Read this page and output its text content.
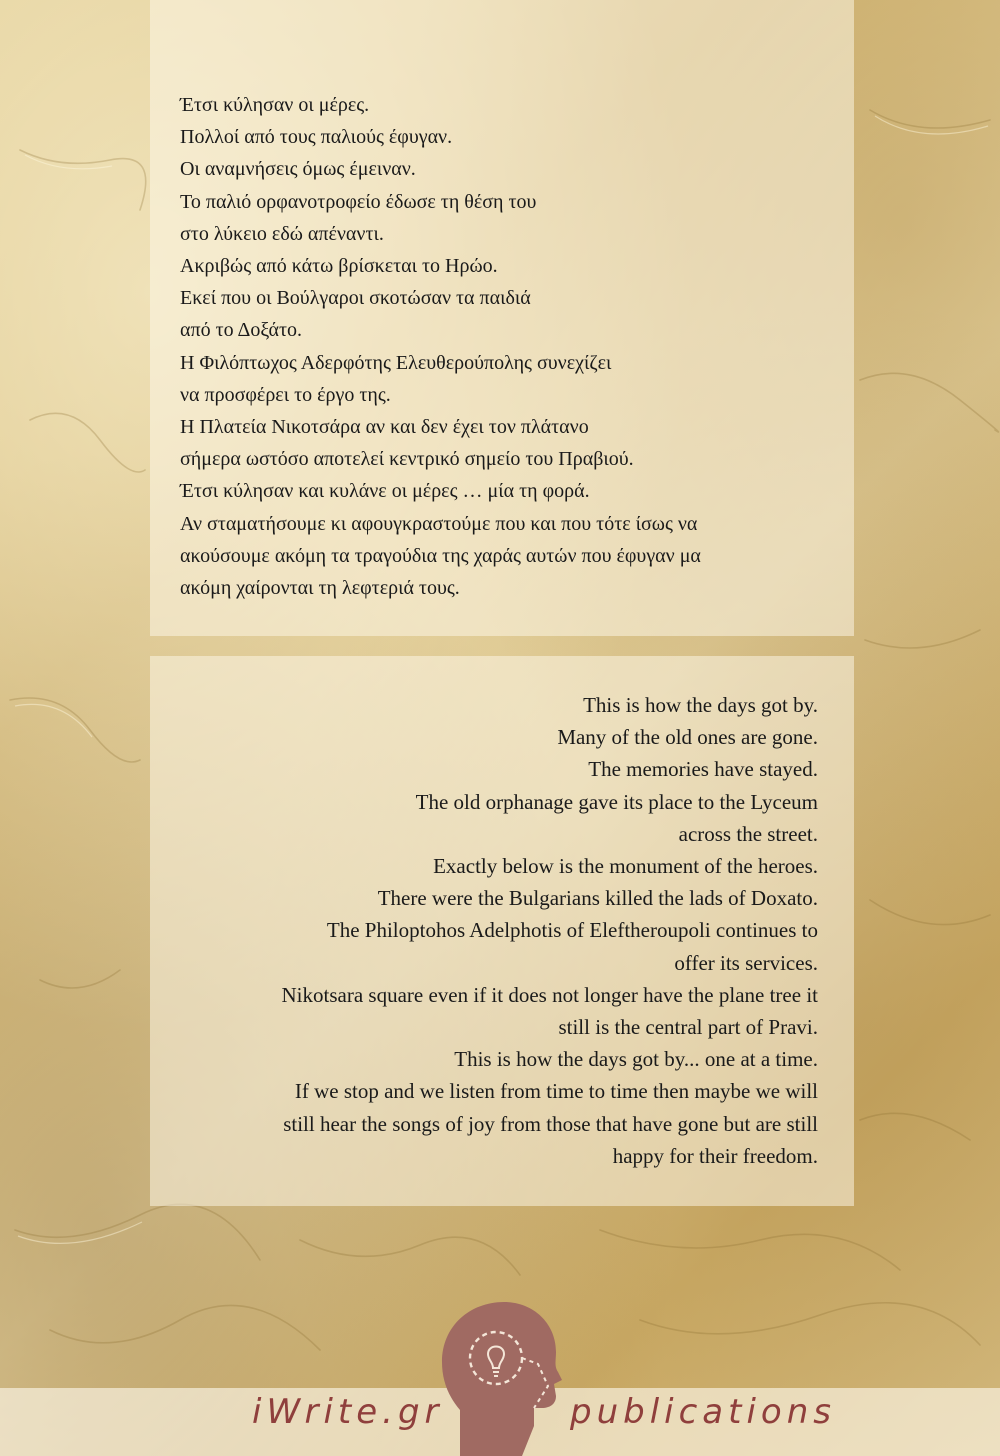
Έτσι κύλησαν οι μέρες.
Πολλοί από τους παλιούς έφυγαν.
Οι αναμνήσεις όμως έμειναν.
Το παλιό ορφανοτροφείο έδωσε τη θέση του
στο λύκειο εδώ απέναντι.
Ακριβώς από κάτω βρίσκεται το Ηρώο.
Εκεί που οι Βούλγαροι σκοτώσαν τα παιδιά
από το Δοξάτο.
Η Φιλόπτωχος Αδερφότης Ελευθερούπολης συνεχίζει
να προσφέρει το έργο της.
Η Πλατεία Νικοτσάρα αν και δεν έχει τον πλάτανο
σήμερα ωστόσο αποτελεί κεντρικό σημείο του Πραβιού.
Έτσι κύλησαν και κυλάνε οι μέρες … μία τη φορά.
Αν σταματήσουμε κι αφουγκραστούμε που και που τότε ίσως να
ακούσουμε ακόμη τα τραγούδια της χαράς αυτών που έφυγαν μα
ακόμη χαίρονται τη λεφτεριά τους.
This is how the days got by.
Many of the old ones are gone.
The memories have stayed.
The old orphanage gave its place to the Lyceum
across the street.
Exactly below is the monument of the heroes.
There were the Bulgarians killed the lads of Doxato.
The Philoptohos Adelphotis of Eleftheroupoli continues to
offer its services.
Nikotsara square even if it does not longer have the plane tree it
still is the central part of Pravi.
This is how the days got by... one at a time.
If we stop and we listen from time to time then maybe we will
still hear the songs of joy from those that have gone but are still
happy for their freedom.
iWrite.gr	publications
